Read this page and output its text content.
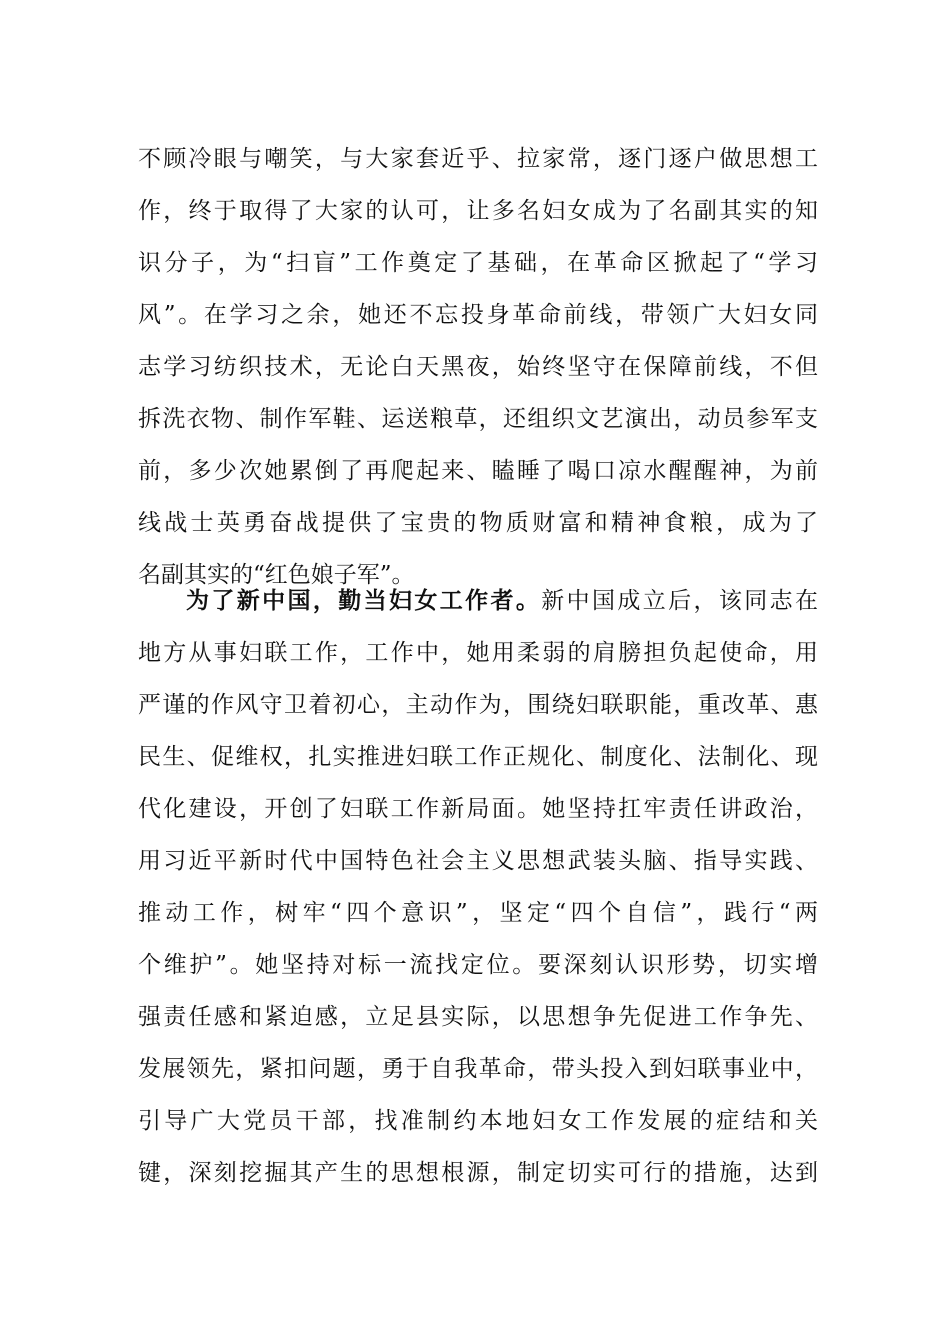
不顾冷眼与嘲笑，与大家套近乎、拉家常，逐门逐户做思想工
作，终于取得了大家的认可，让多名妇女成为了名副其实的知
识分子，为“扫盲”工作奠定了基础，在革命区掀起了“学习
风”。在学习之余，她还不忘投身革命前线，带领广大妇女同
志学习纺织技术，无论白天黑夜，始终坚守在保障前线，不但
拆洗衣物、制作军鞋、运送粮草，还组织文艺演出，动员参军支
前，多少次她累倒了再爬起来、瞌睡了喝口凉水醒醒神，为前
线战士英勇奋战提供了宝贵的物质财富和精神食粮，成为了
名副其实的“红色娘子军”。
为了新中国，勤当妇女工作者。新中国成立后，该同志在
地方从事妇联工作，工作中，她用柔弱的肩膀担负起使命，用
严谨的作风守卫着初心，主动作为，围绕妇联职能，重改革、惠
民生、促维权，扎实推进妇联工作正规化、制度化、法制化、现
代化建设，开创了妇联工作新局面。她坚持扛牢责任讲政治，
用习近平新时代中国特色社会主义思想武装头脑、指导实践、
推动工作，树牢“四个意识”，坚定“四个自信”，践行“两
个维护”。她坚持对标一流找定位。要深刻认识形势，切实增
强责任感和紧迫感，立足县实际，以思想争先促进工作争先、
发展领先，紧扣问题，勇于自我革命，带头投入到妇联事业中，
引导广大党员干部，找准制约本地妇女工作发展的症结和关
键，深刻挖掘其产生的思想根源，制定切实可行的措施，达到
